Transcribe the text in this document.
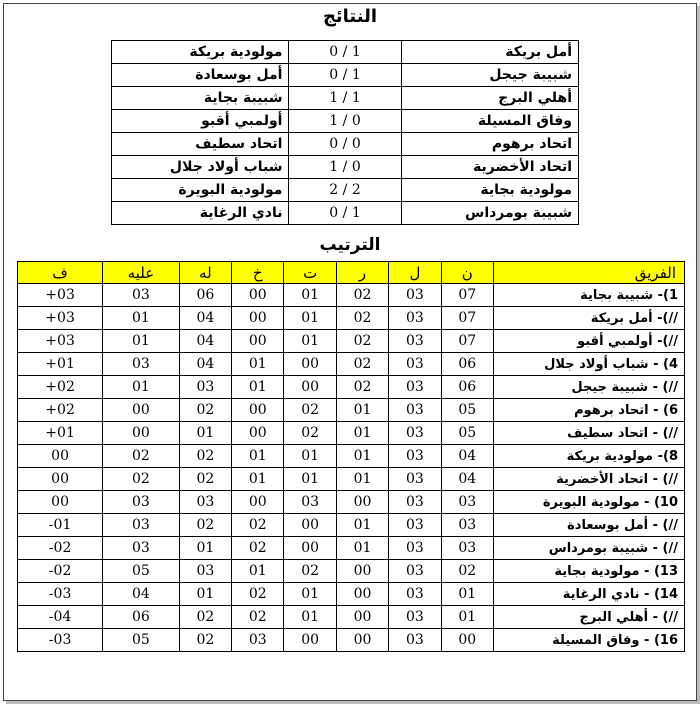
النتائج
أمل بريكة	1 / 0	مولودية بريكة
شبيبة جيجل	1 / 0	أمل بوسعادة
أهلي البرج	1 / 1	شبيبة بجاية
وفاق المسيلة	0 / 1	أولمبي أقبو
اتحاد برهوم	0 / 0	اتحاد سطيف
اتحاد الأخضرية	0 / 1	شباب أولاد جلال
مولودية بجاية	2 / 2	مولودية البويرة
شبيبة بومرداس	1 / 0	نادي الرغاية
الترتيب
الفريق	ن	ل	ر	ت	خ	له	عليه	ف
1)- شبيبة بجاية	07	03	02	01	00	06	03	03+
//)- أمل بريكة	07	03	02	01	00	04	01	03+
//)- أولمبي أقبو	07	03	02	01	00	04	01	03+
4) - شباب أولاد جلال	06	03	02	00	01	04	03	01+
//) - شبيبة جيجل	06	03	02	00	01	03	01	02+
6) - اتحاد برهوم	05	03	01	02	00	02	00	02+
//) - اتحاد سطيف	05	03	01	02	00	01	00	01+
8)- مولودية بريكة	04	03	01	01	01	02	02	00
//) - اتحاد الأخضرية	04	03	01	01	01	02	02	00
10) - مولودية البويرة	03	03	00	03	00	03	03	00
//) - أمل بوسعادة	03	03	01	00	02	02	03	01-
//) - شبيبة بومرداس	03	03	01	00	02	01	03	02-
13) - مولودية بجاية	02	03	00	02	01	03	05	02-
14) - نادي الرغاية	01	03	00	01	02	01	04	03-
//) - أهلي البرج	01	03	00	01	02	02	06	04-
16) - وفاق المسيلة	00	03	00	00	03	02	05	03-
